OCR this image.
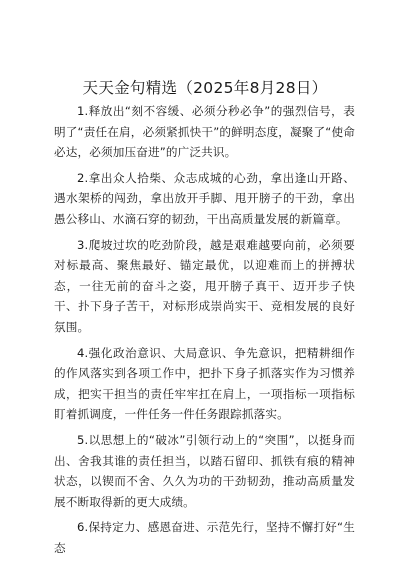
天天金句精选（2025年8月28日）

1.释放出“刻不容缓、必须分秒必争”的强烈信号，表明了“责任在肩，必须紧抓快干”的鲜明态度，凝聚了“使命必达，必须加压奋进”的广泛共识。

2.拿出众人拾柴、众志成城的心劲，拿出逢山开路、遇水架桥的闯劲，拿出放开手脚、甩开膀子的干劲，拿出愚公移山、水滴石穿的韧劲，干出高质量发展的新篇章。

3.爬坡过坎的吃劲阶段，越是艰难越要向前，必须要对标最高、聚焦最好、锚定最优，以迎难而上的拼搏状态，一往无前的奋斗之姿，甩开膀子真干、迈开步子快干、扑下身子苦干，对标形成崇尚实干、竞相发展的良好氛围。

4.强化政治意识、大局意识、争先意识，把精耕细作的作风落实到各项工作中，把扑下身子抓落实作为习惯养成，把实干担当的责任牢牢扛在肩上，一项指标一项指标盯着抓调度，一件任务一件任务跟踪抓落实。

5.以思想上的“破冰”引领行动上的“突围”，以挺身而出、舍我其谁的责任担当，以踏石留印、抓铁有痕的精神状态，以锲而不舍、久久为功的干劲韧劲，推动高质量发展不断取得新的更大成绩。

6.保持定力、感恩奋进、示范先行，坚持不懈打好“生态
